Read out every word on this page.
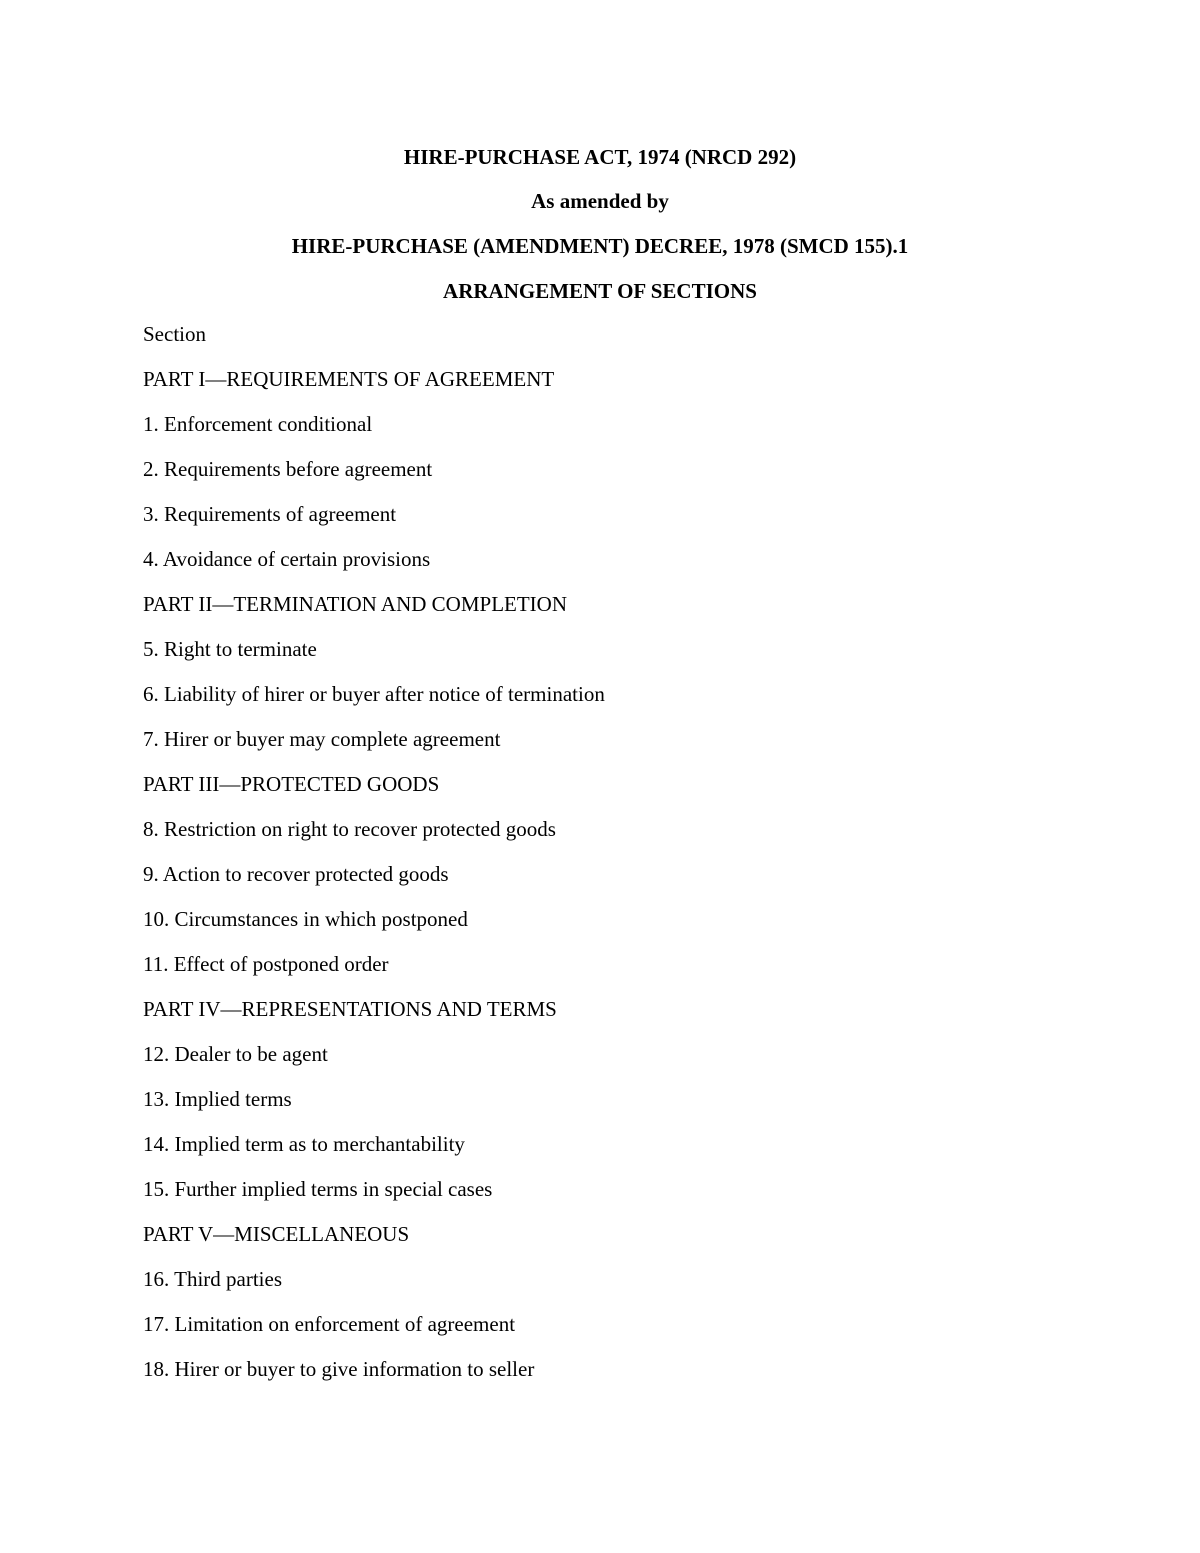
HIRE-PURCHASE ACT, 1974 (NRCD 292)
As amended by
HIRE-PURCHASE (AMENDMENT) DECREE, 1978 (SMCD 155).1
ARRANGEMENT OF SECTIONS
Section
PART I—REQUIREMENTS OF AGREEMENT
1. Enforcement conditional
2. Requirements before agreement
3. Requirements of agreement
4. Avoidance of certain provisions
PART II—TERMINATION AND COMPLETION
5. Right to terminate
6. Liability of hirer or buyer after notice of termination
7. Hirer or buyer may complete agreement
PART III—PROTECTED GOODS
8. Restriction on right to recover protected goods
9. Action to recover protected goods
10. Circumstances in which postponed
11. Effect of postponed order
PART IV—REPRESENTATIONS AND TERMS
12. Dealer to be agent
13. Implied terms
14. Implied term as to merchantability
15. Further implied terms in special cases
PART V—MISCELLANEOUS
16. Third parties
17. Limitation on enforcement of agreement
18. Hirer or buyer to give information to seller
